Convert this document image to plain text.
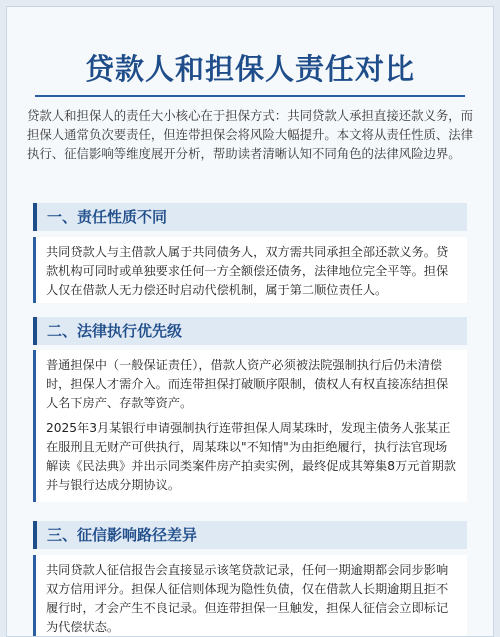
贷款人和担保人责任对比

贷款人和担保人的责任大小核心在于担保方式：共同贷款人承担直接还款义务，而担保人通常负次要责任，但连带担保会将风险大幅提升。本文将从责任性质、法律执行、征信影响等维度展开分析，帮助读者清晰认知不同角色的法律风险边界。

一、责任性质不同

共同贷款人与主借款人属于共同债务人，双方需共同承担全部还款义务。贷款机构可同时或单独要求任何一方全额偿还债务，法律地位完全平等。担保人仅在借款人无力偿还时启动代偿机制，属于第二顺位责任人。

二、法律执行优先级

普通担保中（一般保证责任），借款人资产必须被法院强制执行后仍未清偿时，担保人才需介入。而连带担保打破顺序限制，债权人有权直接冻结担保人名下房产、存款等资产。

2025年3月某银行申请强制执行连带担保人周某珠时，发现主债务人张某正在服刑且无财产可供执行，周某珠以"不知情"为由拒绝履行，执行法官现场解读《民法典》并出示同类案件房产拍卖实例，最终促成其筹集8万元首期款并与银行达成分期协议。

三、征信影响路径差异

共同贷款人征信报告会直接显示该笔贷款记录，任何一期逾期都会同步影响双方信用评分。担保人征信则体现为隐性负债，仅在借款人长期逾期且拒不履行时，才会产生不良记录。但连带担保一旦触发，担保人征信会立即标记为代偿状态。
